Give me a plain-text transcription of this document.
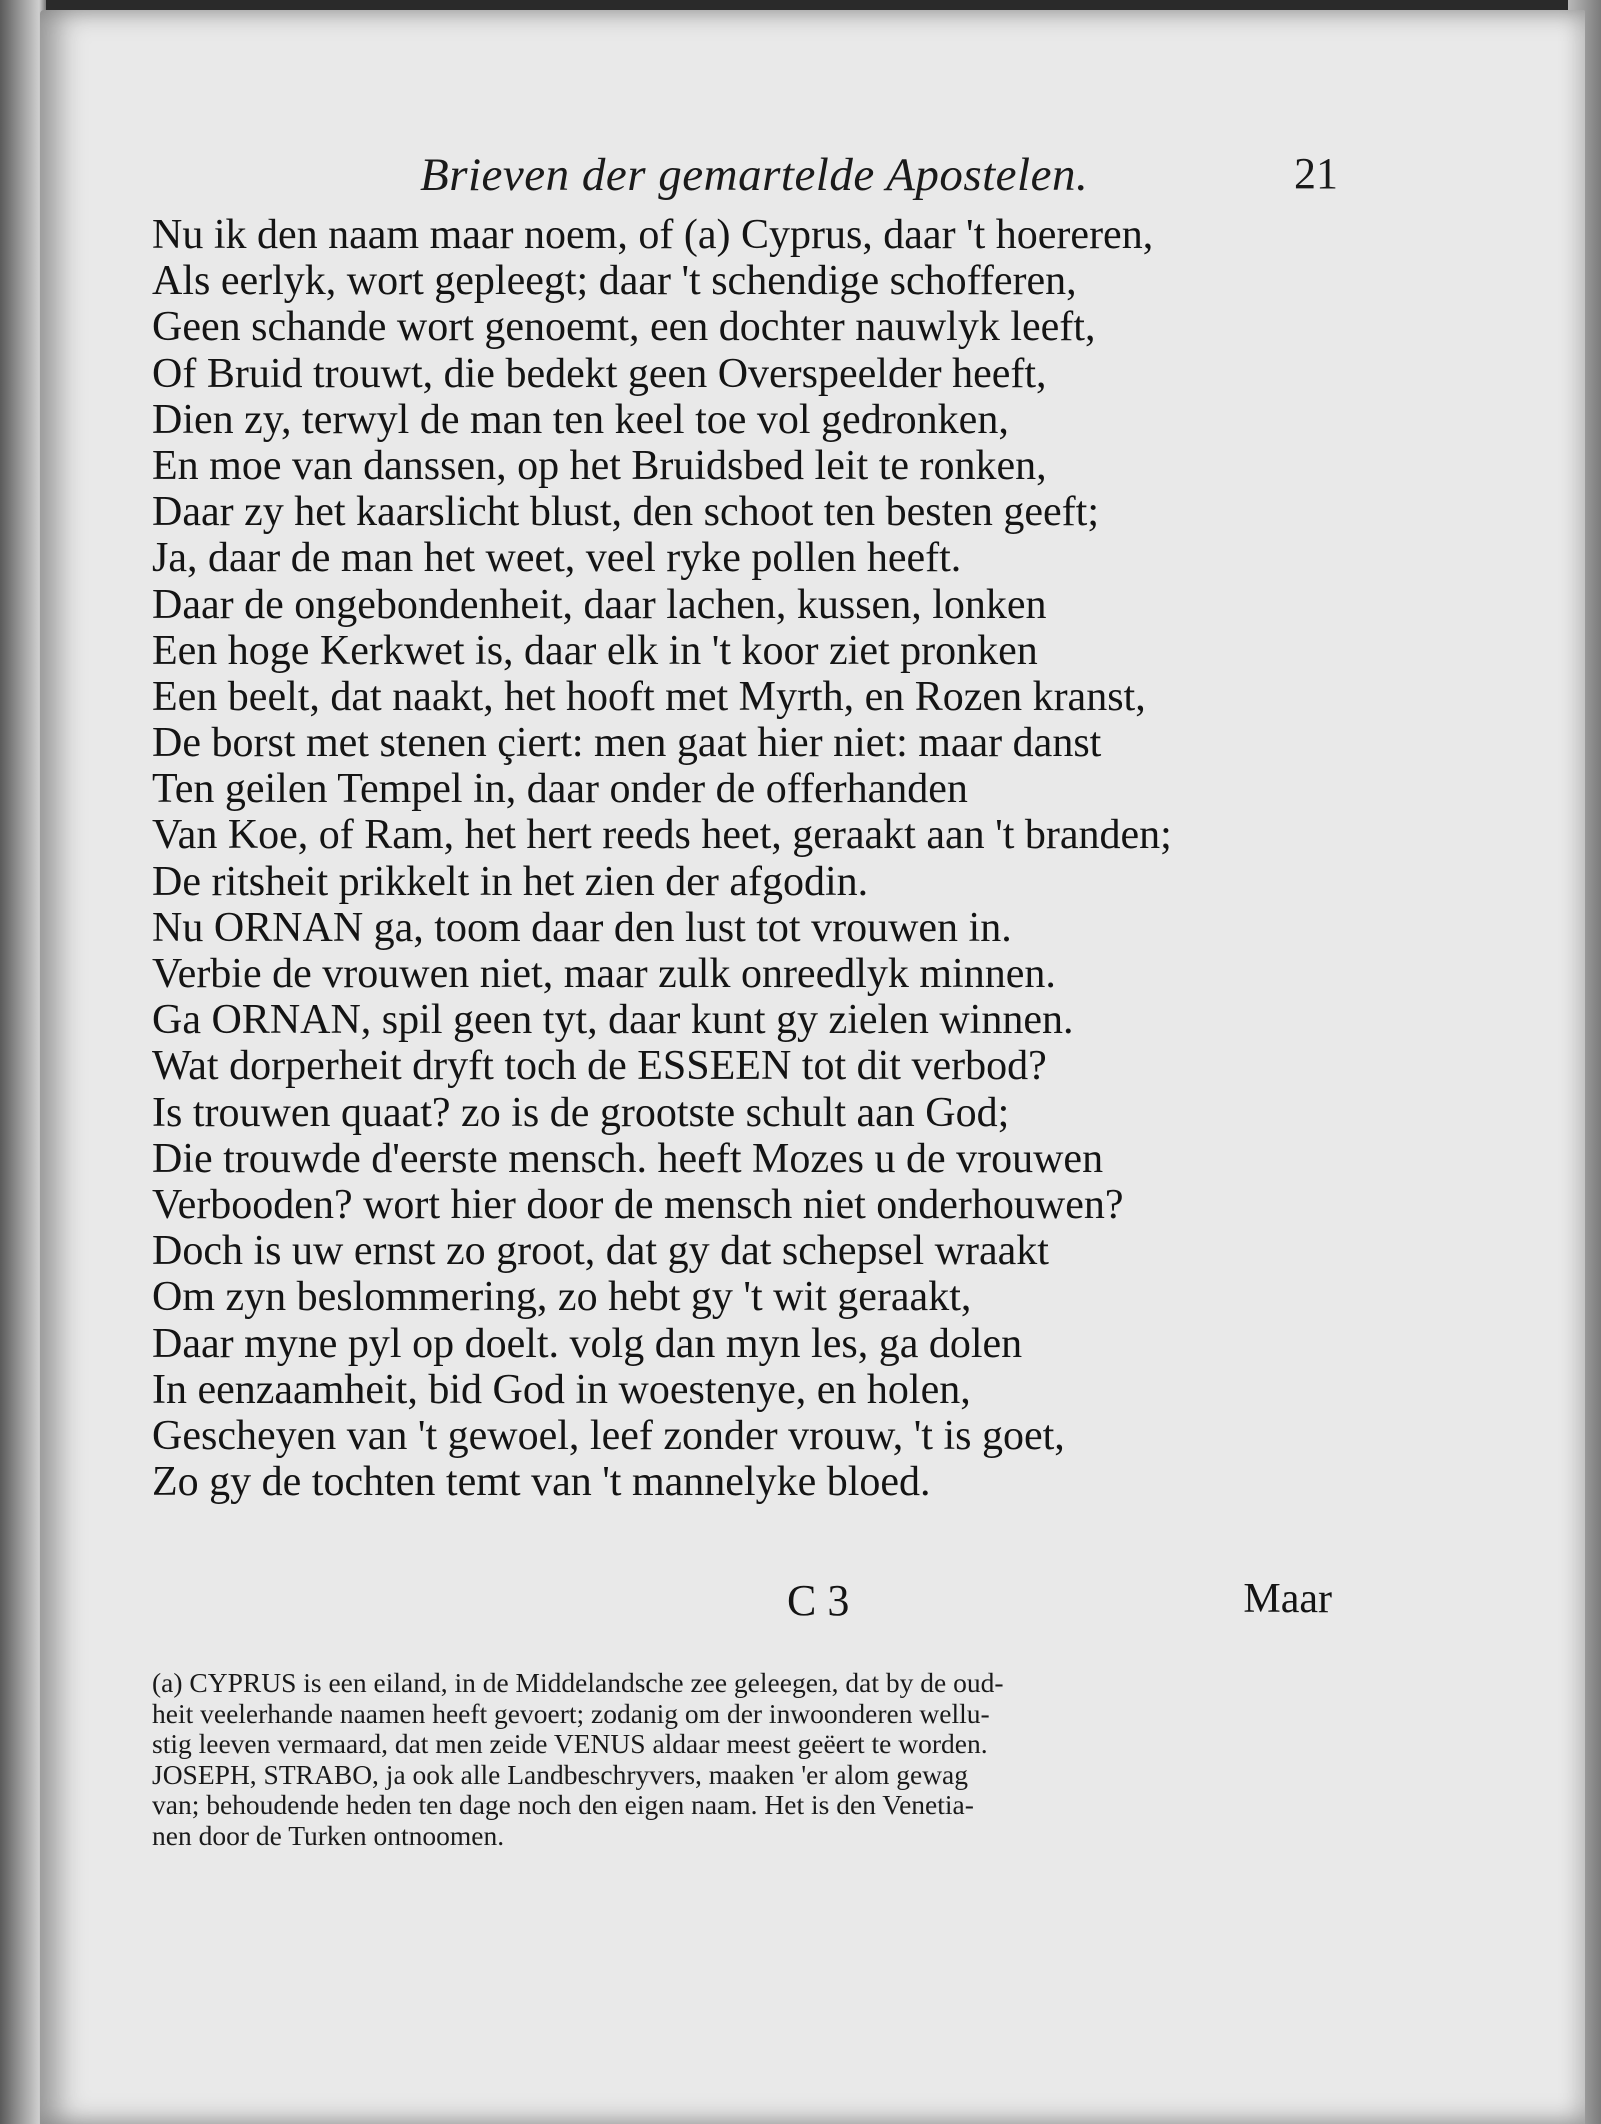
Brieven der gemartelde Apostelen.	21
Nu ik den naam maar noem, of (a) Cyprus, daar 't hoereren,
Als eerlyk, wort gepleegt; daar 't schendige schofferen,
Geen schande wort genoemt, een dochter nauwlyk leeft,
Of Bruid trouwt, die bedekt geen Overspeelder heeft,
Dien zy, terwyl de man ten keel toe vol gedronken,
En moe van danssen, op het Bruidsbed leit te ronken,
Daar zy het kaarslicht blust, den schoot ten besten geeft;
Ja, daar de man het weet, veel ryke pollen heeft.
Daar de ongebondenheit, daar lachen, kussen, lonken
Een hoge Kerkwet is, daar elk in 't koor ziet pronken
Een beelt, dat naakt, het hooft met Myrth, en Rozen kranst,
De borst met stenen çiert: men gaat hier niet: maar danst
Ten geilen Tempel in, daar onder de offerhanden
Van Koe, of Ram, het hert reeds heet, geraakt aan 't branden;
De ritsheit prikkelt in het zien der afgodin.
Nu ORNAN ga, toom daar den lust tot vrouwen in.
Verbie de vrouwen niet, maar zulk onreedlyk minnen.
Ga ORNAN, spil geen tyt, daar kunt gy zielen winnen.
Wat dorperheit dryft toch de ESSEEN tot dit verbod?
Is trouwen quaat? zo is de grootste schult aan God;
Die trouwde d'eerste mensch. heeft Mozes u de vrouwen
Verbooden? wort hier door de mensch niet onderhouwen?
Doch is uw ernst zo groot, dat gy dat schepsel wraakt
Om zyn beslommering, zo hebt gy 't wit geraakt,
Daar myne pyl op doelt. volg dan myn les, ga dolen
In eenzaamheit, bid God in woestenye, en holen,
Gescheyen van 't gewoel, leef zonder vrouw, 't is goet,
Zo gy de tochten temt van 't mannelyke bloed.
C 3	Maar
(a) CYPRUS is een eiland, in de Middelandsche zee geleegen, dat by de oud-
heit veelerhande naamen heeft gevoert; zodanig om der inwoonderen wellu-
stig leeven vermaard, dat men zeide VENUS aldaar meest geëert te worden.
JOSEPH, STRABO, ja ook alle Landbeschryvers, maaken 'er alom gewag
van; behoudende heden ten dage noch den eigen naam. Het is den Venetia-
nen door de Turken ontnoomen.
